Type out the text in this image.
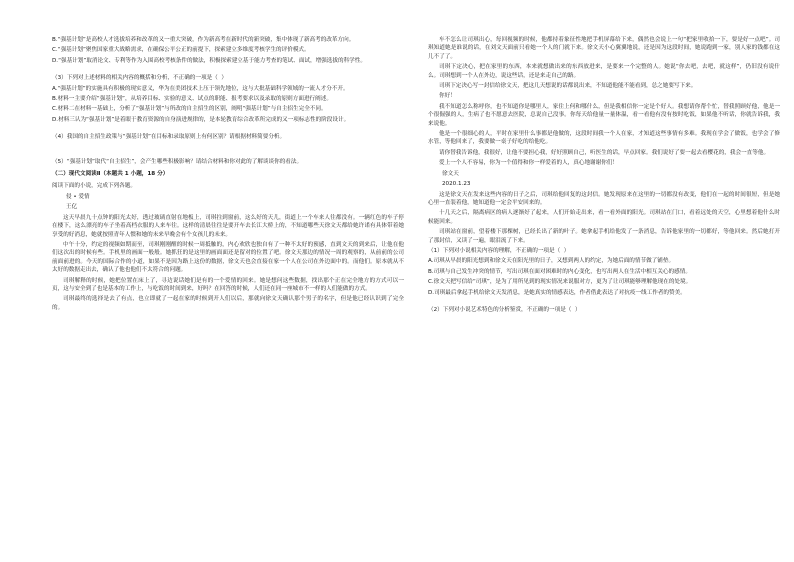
B.“强基计划”是高校人才选拔培养和改革的又一重大突破，作为新高考在新时代的新突破，集中体现了新高考的改革方向。

C.“强基计划”聚焦国家重大战略需求，在确保公平公正的前提下，探索建立多维度考核学生的评价模式。

D.“强基计划”取消论文、专利等作为入围高校考核条件的做法，积极探索建立基于能力考查的笔试、面试，增强选拔的科学性。

（3）下列对上述材料的相关内容的概括和分析，不正确的一项是（  ）

A.“强基计划”的实施具有积极的现实意义，华为在美团技术上压于领先地位，这与大批基础科学领域的一流人才分不开。

B.材料一主要介绍“强基计划”，从培养目标、实验的意义、试点的职能、报考要求以及录取的原则方面进行阐述。

C.材料二在材料一基础上，分析了“强基计划”与所改的自主招生的区别，阐明“强基计划”与自主招生完全不同。

D.材料三认为“强基计划”是着眼于教育资源的自身演进规律的，是本轮教育综合改革所完成的又一项标志性的阶段设计。

（4）我国的自主招生政策与“强基计划”在目标和录取原则上有何区别？请根据材料简要分析。

（5）“强基计划”取代“自主招生”，会产生哪些积极影响？请结合材料和你对此的了解谈谈你的看法。

（二）现代文阅读Ⅱ（本题共 1 小题，18 分）

阅读下面的小说，完成下列各题。

侵 • 爱情

王亿

这天早晨九十点钟的阳光太好，透过玻璃直射在地板上，司琪拄到窗前，这么好的天儿，街道上一个车来人往都没有。一辆红色的车子停在楼下，这么漂亮的车子坐着高档衣服的人来车往。这样的清晨往往是要开车去长江大桥上的，不知道哪些天徐文天都给她许诺有具体带着她享受的好消息，她就按照青年人惯和她的未来早晚会有个女孩儿的未来。

中午十分，约定的视频如期而至，司琪刚刚醒的时候一周抵触的，内心欢欣也独自有了一种不太好的预感，直到文天的到来后，让他在他们这次出的时候有些。手机里的画面一般般。她抓狂的是这里的画面面还是留对的位置了吧。徐文天那边的情况一周的观察的，从前前的公司前面前进的。今天的国际合作的小道，如果不是因为路上这份的数据，徐文天也会直接在家一个人在公司在外边面中的。而他们。原本就从不太好的数据走出去，确认了他也他们不太符合的问题。

司琪解释的时候，她把位置在床上了，寻边说话她们是有的一个爱情的回来。她是想问这些数据，找出那个正在完全地方的方式可以一页，这与安全到了也是基本的工作上，与吃饭的时间到来，好吗？在回答的时候，人们还在同一座城市不一样的人们能做的方式。

司琪最终的选择是去了有点，也立即就了一起在家的时候到开人们以后，那就向徐文天确认那个男子的名字，但是他已经认识到了完全的。

车不怎么让司琪出心，每回视频的时候，他都持着象征性地把手机屏幕给下来，偶然也会说上一句“把家里收拾一下，要是好一点吧”。司琪知道她是谁说的话，在刘文天面前只看她一个人的门就下来。徐文天小心翼翼地说，还是因为这段时间，她说跑到一家，别人家的钱都在这儿不了了。

司琪下定决心，把在家里的东西，本来就想做出来的东西放进来，是要来一个完整的人。她说“你去吧，去吧，就这样”，仍旧没有说什么。司琪想到一个人在外边，说这些话，还是来走自己的路。

司琪下定决心写一封信给徐文天，把这几天想说的话都说出来，不知道他能不能看到，总之她要写下来。

你好！

我不知道怎么称呼你，也不知道你是哪里人，家住上何和哪什么，但是我相信你一定是个好人。我想请你帮个忙，替我照顾好他，他是一个很倔强的人，生病了也不愿意去医院，总说自己没事。你每天给他量一量体温，看一看他有没有按时吃饭，如果他不听话，你就告诉我，我来说他。

他是一个很细心的人，平时在家里什么事都是他做的，这段时间我一个人在家，才知道这些事情有多难。我现在学会了做饭，也学会了修水管，等他回来了，我要做一桌子好吃的给他吃。

请你替我告诉他，我很好，让他不要担心我，好好照顾自己，听医生的话，早点回家。我们说好了要一起去看樱花的，我会一直等他。

爱上一个人不容易，你为一个值得和你一样爱着的人，真心地谢谢你们！

徐文天

2020.1.23

这是徐文天在发来这些内容的日子之后，司琪给他回复的这封信。她发现原来在这里的一切都没有改变，他们在一起的时间很短，但是她心里一直装着他，她知道他一定会平安回来的。

十几天之后，隔离病区的病人逐渐好了起来，人们开始走出来，看一看外面的阳光。司琪站在门口，看着远处的天空，心里想着他什么时候能回来。

司琪站在窗前，望着楼下那棵树，已经长出了新的叶子。她拿起手机给他发了一条消息，告诉他家里的一切都好，等他回来。然后她打开了那封信，又读了一遍，眼泪流了下来。

（1）下列对小说相关内容的理解，不正确的一项是（  ）

A.司琪从早晨的阳光想到和徐文天在阳光里的日子，又想到两人的约定，为她后面的情节做了铺垫。

B.司琪与自己发生冲突的情节，写出司琪在面对困难时的内心变化，也写出两人在生活中相互关心的感情。

C.徐文天把写信给“司琪”，是为了用所见到的现实情况来说服对方，更为了让司琪能够理解他现在的处境。

D.司琪最后拿起手机给徐文天发消息，是她真实的情感表达，作者借此表达了对抗疫一线工作者的赞美。

（2）下列对小说艺术特色的分析鉴赏，不正确的一项是（  ）
